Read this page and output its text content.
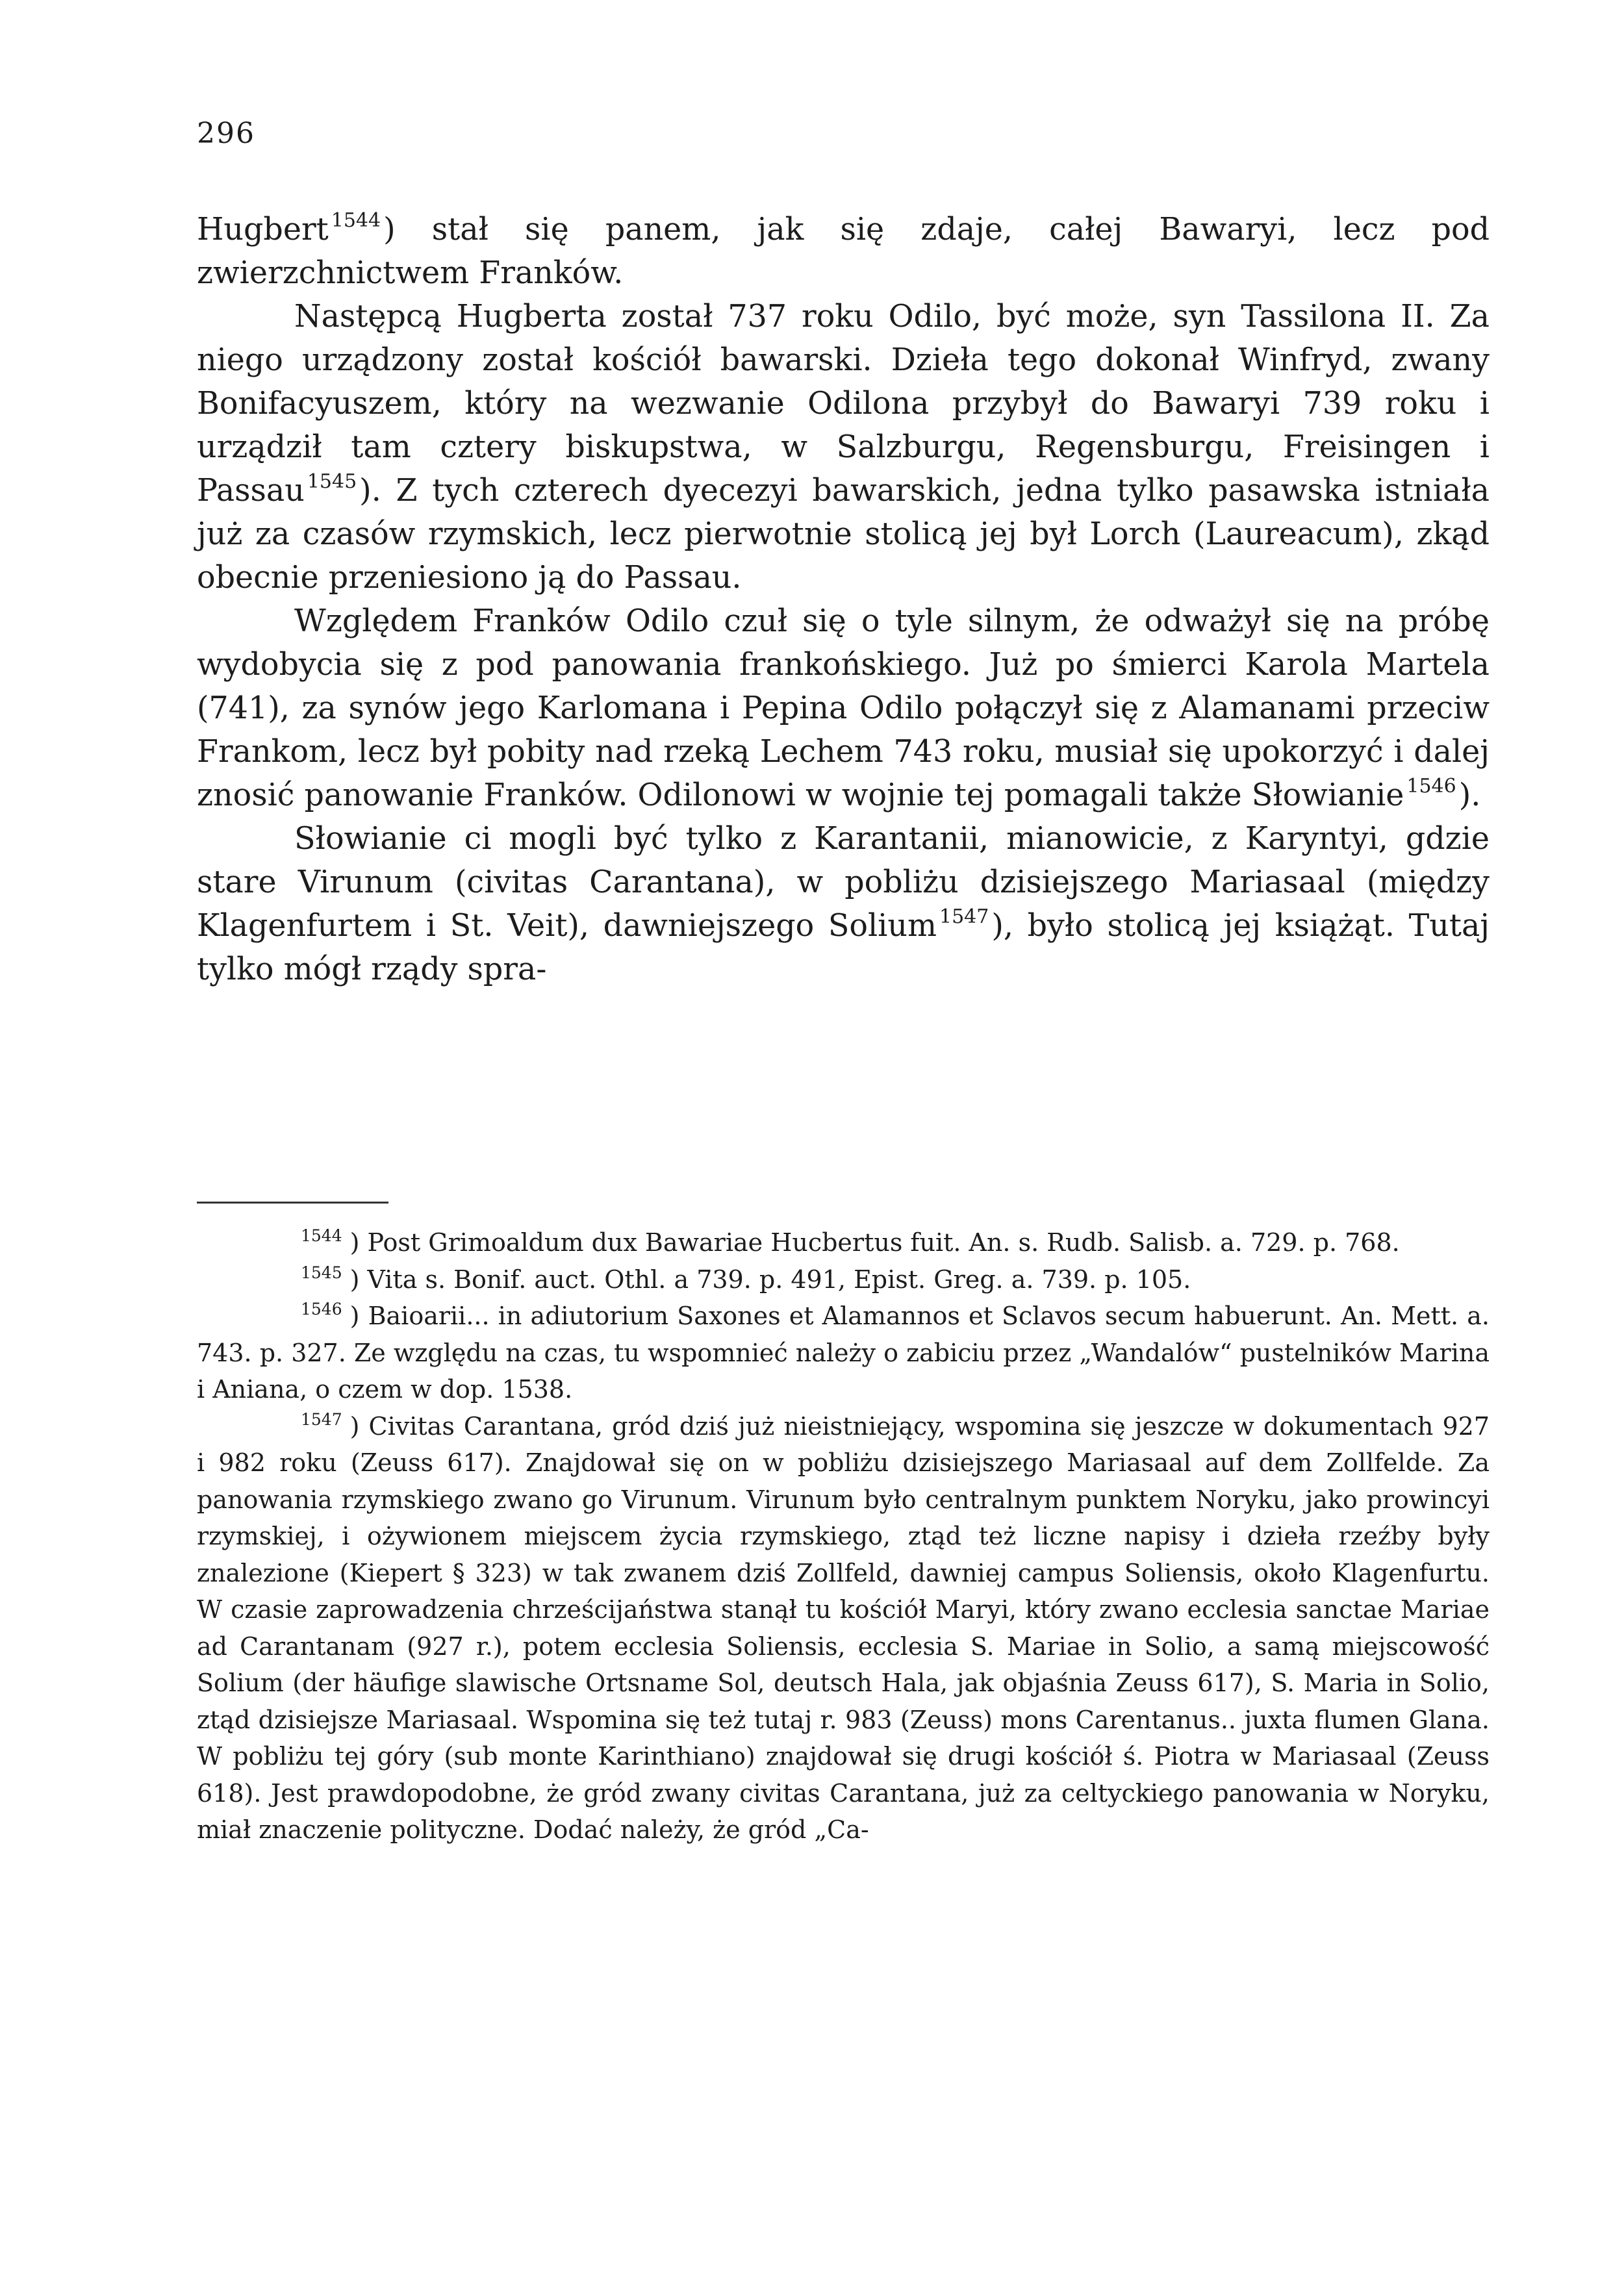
296

Hugbert $^{1544}$) stał się panem, jak się zdaje, całej Bawaryi, lecz pod zwierzchnictwem Franków.

Następcą Hugberta został 737 roku Odilo, być może, syn Tassilona II. Za niego urządzony został kościół bawarski. Dzieła tego dokonał Winfryd, zwany Bonifacyuszem, który na wezwanie Odilona przybył do Bawaryi 739 roku i urządził tam cztery biskupstwa, w Salzburgu, Regensburgu, Freisingen i Passau $^{1545}$). Z tych czterech dyecezyi bawarskich, jedna tylko pasawska istniała już za czasów rzymskich, lecz pierwotnie stolicą jej był Lorch (Laureacum), zkąd obecnie przeniesiono ją do Passau.

Względem Franków Odilo czuł się o tyle silnym, że odważył się na próbę wydobycia się z pod panowania frankońskiego. Już po śmierci Karola Martela (741), za synów jego Karlomana i Pepina Odilo połączył się z Alamanami przeciw Frankom, lecz był pobity nad rzeką Lechem 743 roku, musiał się upokorzyć i dalej znosić panowanie Franków. Odilonowi w wojnie tej pomagali także Słowianie $^{1546}$).

Słowianie ci mogli być tylko z Karantanii, mianowicie, z Karyntyi, gdzie stare Virunum (civitas Carantana), w pobliżu dzisiejszego Mariasaal (między Klagenfurtem i St. Veit), dawniejszego Solium $^{1547}$), było stolicą jej książąt. Tutaj tylko mógł rządy spra-

$^{1544}$ ) Post Grimoaldum dux Bawariae Hucbertus fuit. An. s. Rudb. Salisb. a. 729. p. 768.

$^{1545}$ ) Vita s. Bonif. auct. Othl. a 739. p. 491, Epist. Greg. a. 739. p. 105.

$^{1546}$ ) Baioarii... in adiutorium Saxones et Alamannos et Sclavos secum habuerunt. An. Mett. a. 743. p. 327. Ze względu na czas, tu wspomnieć należy o zabiciu przez „Wandalów“ pustelników Marina i Aniana, o czem w dop. 1538.

$^{1547}$ ) Civitas Carantana, gród dziś już nieistniejący, wspomina się jeszcze w dokumentach 927 i 982 roku (Zeuss 617). Znajdował się on w pobliżu dzisiejszego Mariasaal auf dem Zollfelde. Za panowania rzymskiego zwano go Virunum. Virunum było centralnym punktem Noryku, jako prowincyi rzymskiej, i ożywionem miejscem życia rzymskiego, ztąd też liczne napisy i dzieła rzeźby były znalezione (Kiepert § 323) w tak zwanem dziś Zollfeld, dawniej campus Soliensis, około Klagenfurtu. W czasie zaprowadzenia chrześcijaństwa stanął tu kościół Maryi, który zwano ecclesia sanctae Mariae ad Carantanam (927 r.), potem ecclesia Soliensis, ecclesia S. Mariae in Solio, a samą miejscowość Solium (der häufige slawische Ortsname Sol, deutsch Hala, jak objaśnia Zeuss 617), S. Maria in Solio, ztąd dzisiejsze Mariasaal. Wspomina się też tutaj r. 983 (Zeuss) mons Carentanus.. juxta flumen Glana. W pobliżu tej góry (sub monte Karinthiano) znajdował się drugi kościół ś. Piotra w Mariasaal (Zeuss 618). Jest prawdopodobne, że gród zwany civitas Carantana, już za celtyckiego panowania w Noryku, miał znaczenie polityczne. Dodać należy, że gród „Ca-
